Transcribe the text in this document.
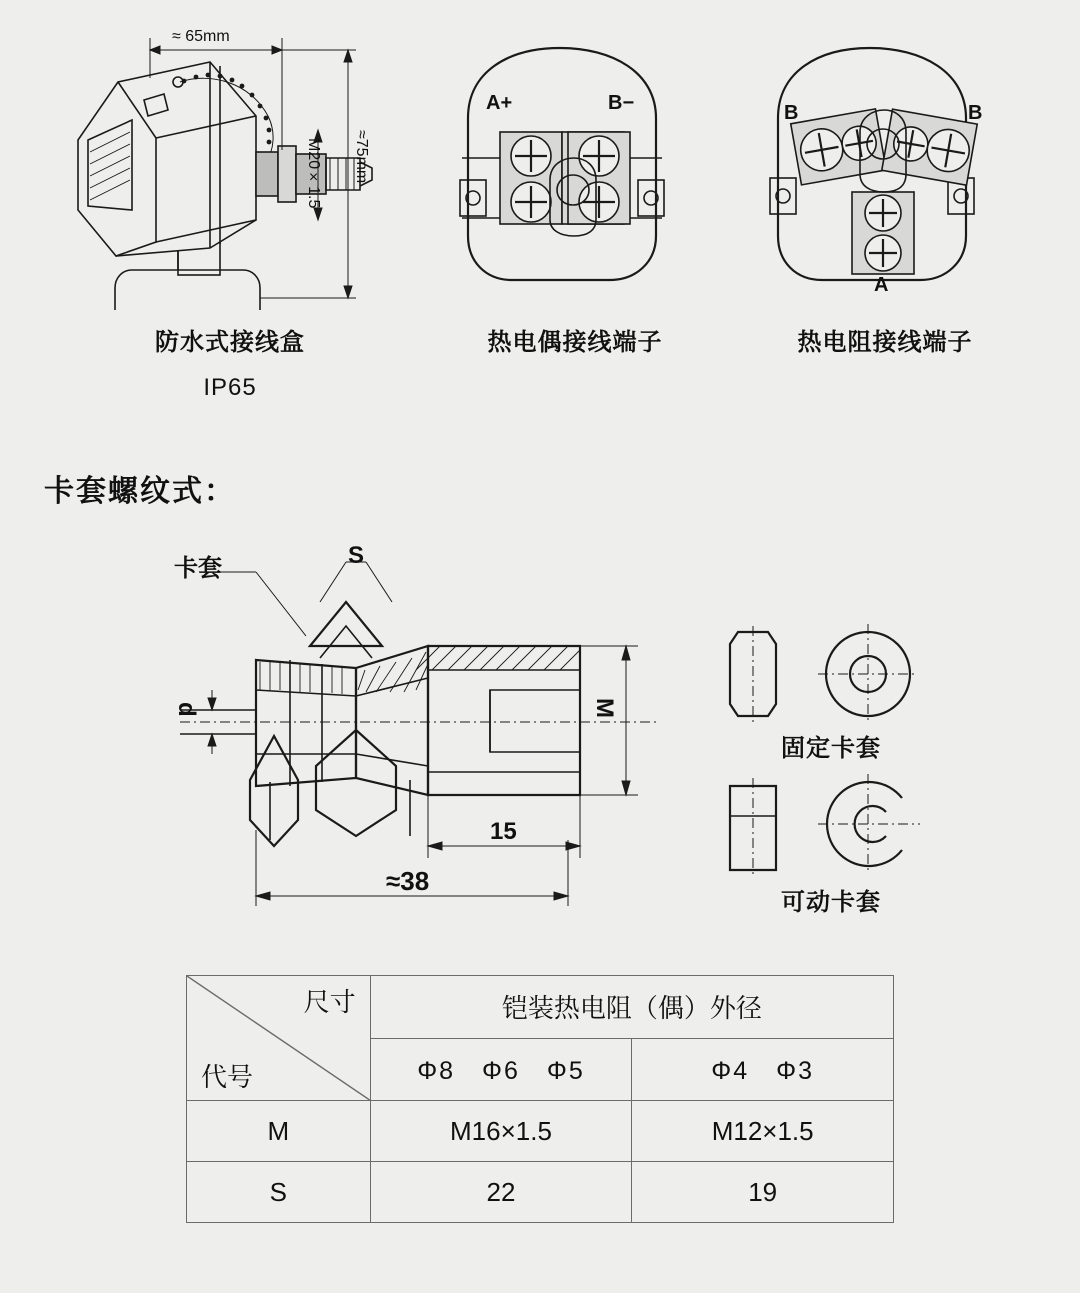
≈ 65mm
≈75mm
M20×1.5
防水式接线盒
IP65
A+	B−
热电偶接线端子
B	B
A
热电阻接线端子
卡套螺纹式：
卡套	S
d	M
15
≈38
固定卡套
可动卡套
尺寸
代号	铠装热电阻（偶）外径	
	Φ8　Φ6　Φ5	Φ4　Φ3
M	M16×1.5	M12×1.5
S	22	19
